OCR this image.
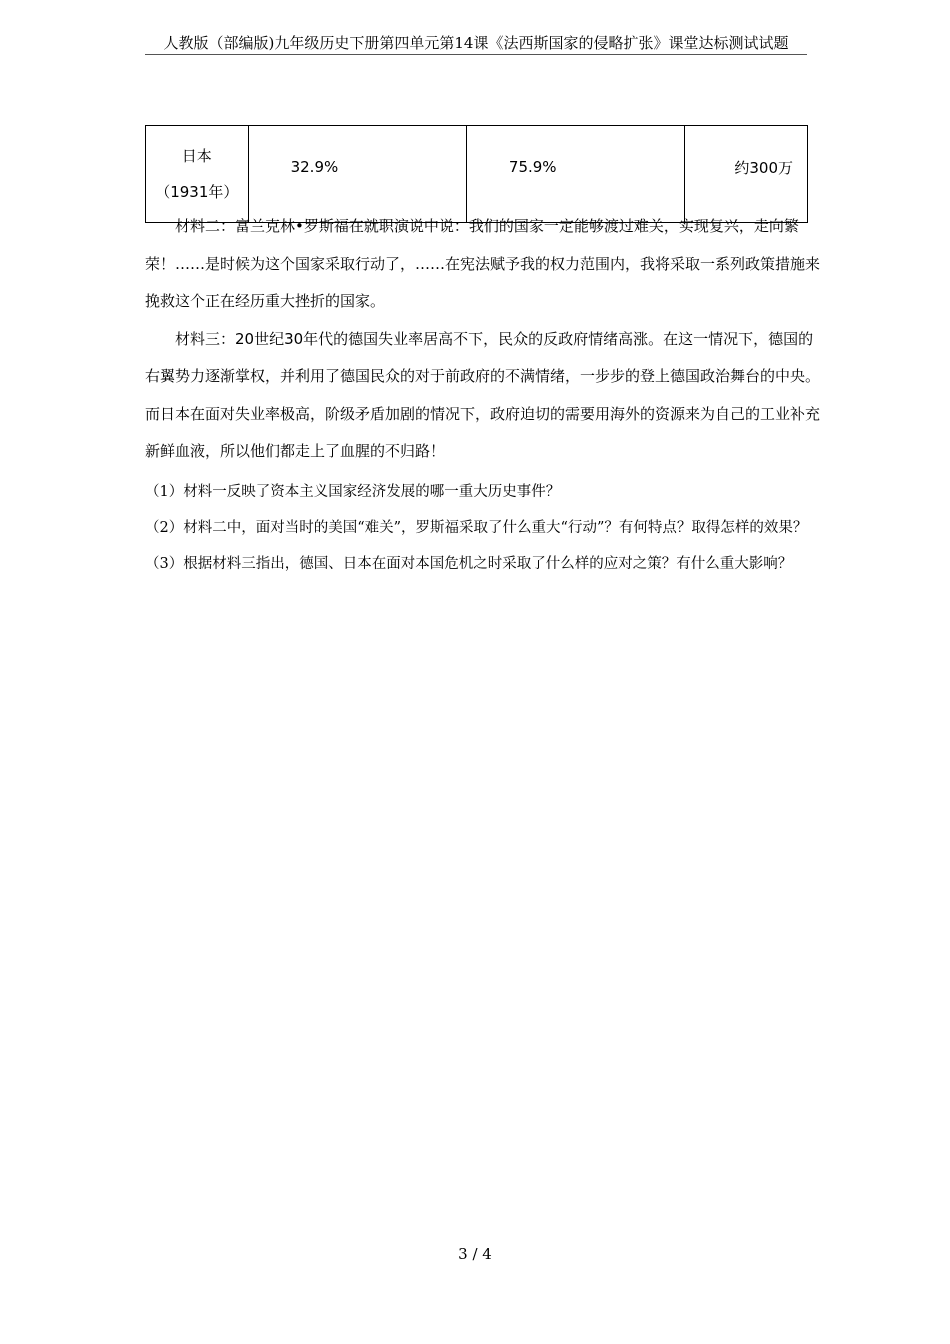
人教版（部编版)九年级历史下册第四单元第14课《法西斯国家的侵略扩张》课堂达标测试试题
日本
（1931年）
	32.9%	75.9%	约300万

材料二：富兰克林•罗斯福在就职演说中说：我们的国家一定能够渡过难关，实现复兴，走向繁荣！……是时候为这个国家采取行动了，……在宪法赋予我的权力范围内，我将采取一系列政策措施来挽救这个正在经历重大挫折的国家。

材料三：20世纪30年代的德国失业率居高不下，民众的反政府情绪高涨。在这一情况下，德国的右翼势力逐渐掌权，并利用了德国民众的对于前政府的不满情绪，一步步的登上德国政治舞台的中央。而日本在面对失业率极高，阶级矛盾加剧的情况下，政府迫切的需要用海外的资源来为自己的工业补充新鲜血液，所以他们都走上了血腥的不归路！

（1）材料一反映了资本主义国家经济发展的哪一重大历史事件？

（2）材料二中，面对当时的美国“难关”，罗斯福采取了什么重大“行动”？有何特点？取得怎样的效果？

（3）根据材料三指出，德国、日本在面对本国危机之时采取了什么样的应对之策？有什么重大影响？

3 / 4
